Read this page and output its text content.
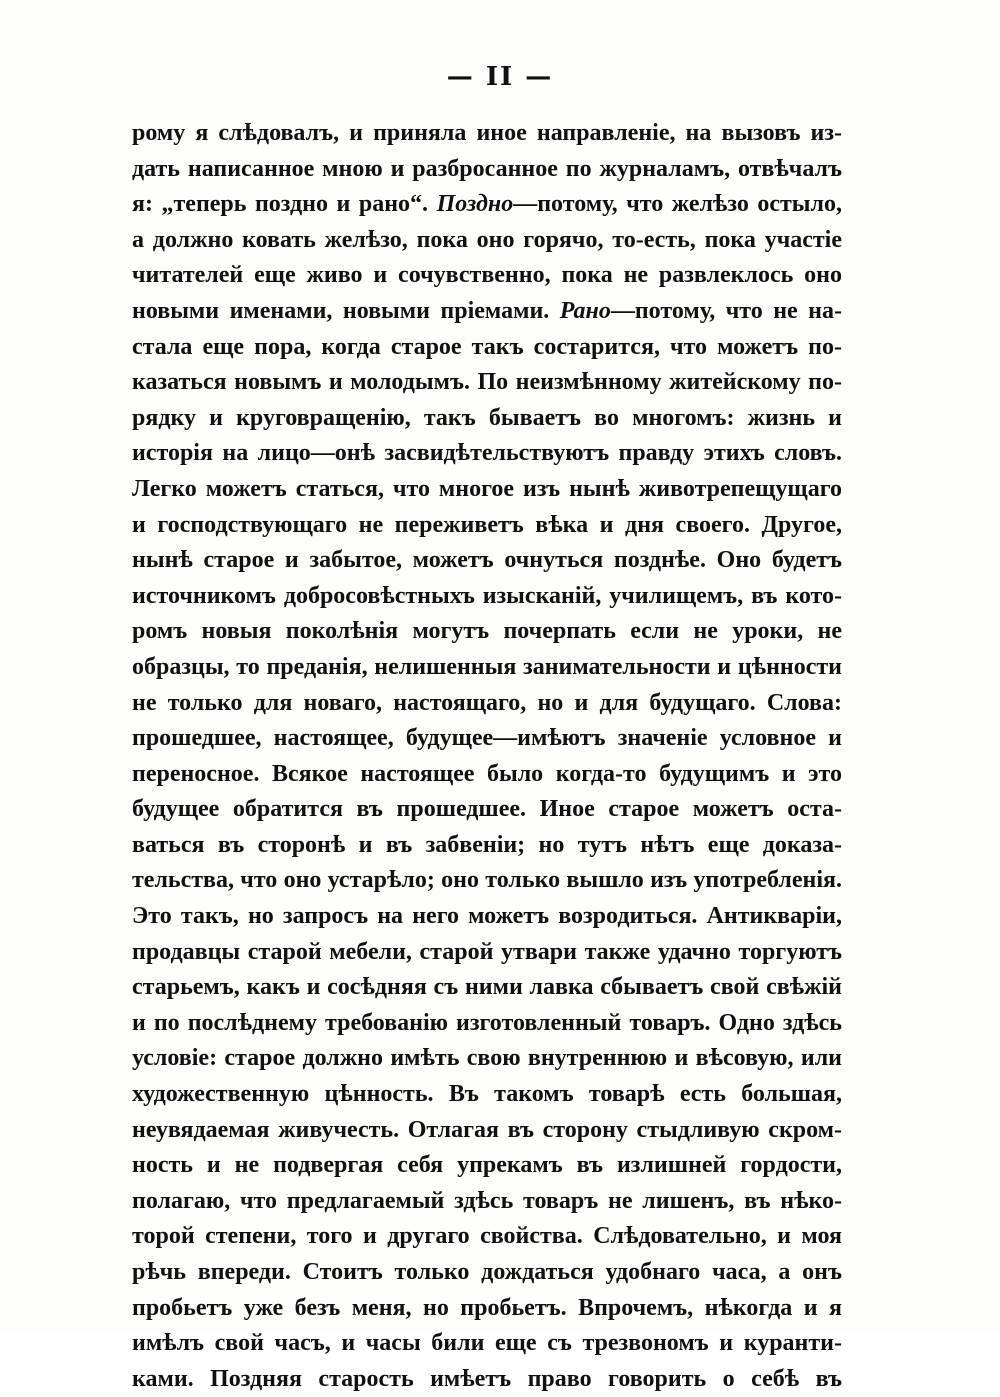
— II —
рому я слѣдовалъ, и приняла иное направленіе, на вызовъ из-
дать написанное мною и разбросанное по журналамъ, отвѣчалъ
я: „теперь поздно и рано“. Поздно—потому, что желѣзо остыло,
а должно ковать желѣзо, пока оно горячо, то-есть, пока участіе
читателей еще живо и сочувственно, пока не развлеклось оно
новыми именами, новыми пріемами. Рано—потому, что не на-
стала еще пора, когда старое такъ состарится, что можетъ по-
казаться новымъ и молодымъ. По неизмѣнному житейскому по-
рядку и круговращенію, такъ бываетъ во многомъ: жизнь и
исторія на лицо—онѣ засвидѣтельствуютъ правду этихъ словъ.
Легко можетъ статься, что многое изъ нынѣ животрепещущаго
и господствующаго не переживетъ вѣка и дня своего. Другое,
нынѣ старое и забытое, можетъ очнуться позднѣе. Оно будетъ
источникомъ добросовѣстныхъ изысканій, училищемъ, въ кото-
ромъ новыя поколѣнія могутъ почерпать если не уроки, не
образцы, то преданія, нелишенныя занимательности и цѣнности
не только для новаго, настоящаго, но и для будущаго. Слова:
прошедшее, настоящее, будущее—имѣютъ значеніе условное и
переносное. Всякое настоящее было когда-то будущимъ и это
будущее обратится въ прошедшее. Иное старое можетъ оста-
ваться въ сторонѣ и въ забвеніи; но тутъ нѣтъ еще доказа-
тельства, что оно устарѣло; оно только вышло изъ употребленія.
Это такъ, но запросъ на него можетъ возродиться. Антикваріи,
продавцы старой мебели, старой утвари также удачно торгуютъ
старьемъ, какъ и сосѣдняя съ ними лавка сбываетъ свой свѣжій
и по послѣднему требованію изготовленный товаръ. Одно здѣсь
условіе: старое должно имѣть свою внутреннюю и вѣсовую, или
художественную цѣнность. Въ такомъ товарѣ есть большая,
неувядаемая живучесть. Отлагая въ сторону стыдливую скром-
ность и не подвергая себя упрекамъ въ излишней гордости,
полагаю, что предлагаемый здѣсь товаръ не лишенъ, въ нѣко-
торой степени, того и другаго свойства. Слѣдовательно, и моя
рѣчь впереди. Стоитъ только дождаться удобнаго часа, а онъ
пробьетъ уже безъ меня, но пробьетъ. Впрочемъ, нѣкогда и я
имѣлъ свой часъ, и часы били еще съ трезвономъ и куранти-
ками. Поздняя старость имѣетъ право говорить о себѣ въ
